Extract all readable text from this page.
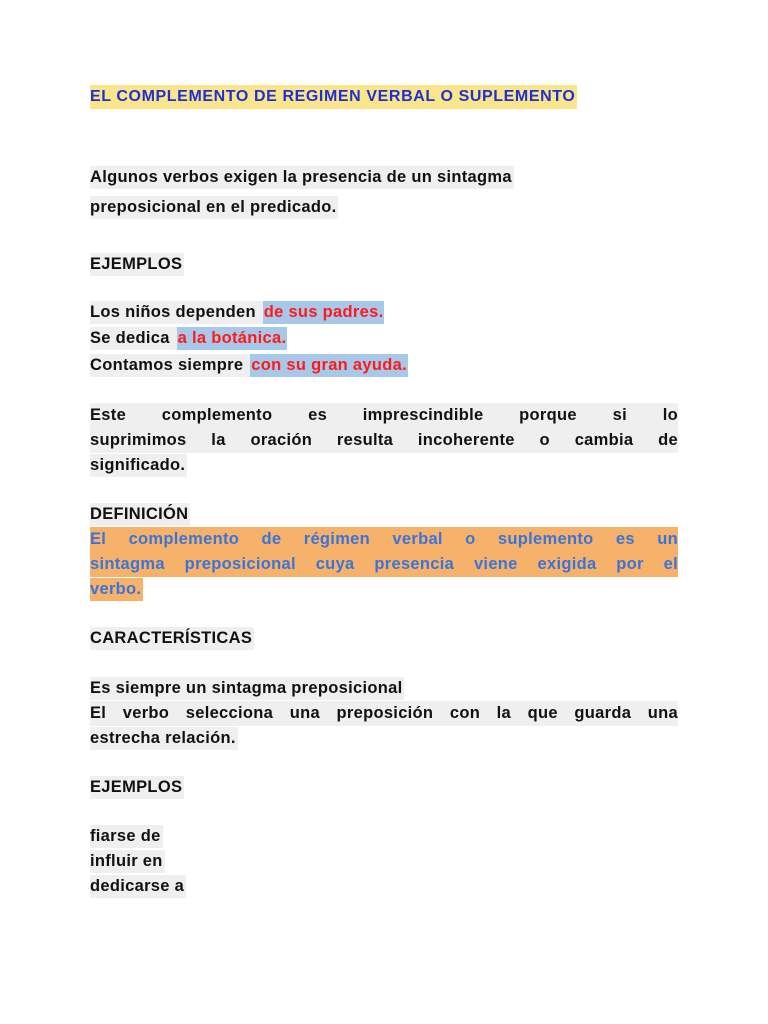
EL COMPLEMENTO DE REGIMEN VERBAL O SUPLEMENTO
Algunos verbos exigen la presencia de un sintagma
preposicional en el predicado.
EJEMPLOS
Los niños dependen de sus padres.
Se dedica a la botánica.
Contamos siempre con su gran ayuda.
Este complemento es imprescindible porque si lo
suprimimos la oración resulta incoherente o cambia de
significado.
DEFINICIÓN
El complemento de régimen verbal o suplemento es un
sintagma preposicional cuya presencia viene exigida por el
verbo.
CARACTERÍSTICAS
Es siempre un sintagma preposicional
El verbo selecciona una preposición con la que guarda una
estrecha relación.
EJEMPLOS
fiarse de
influir en
dedicarse a
